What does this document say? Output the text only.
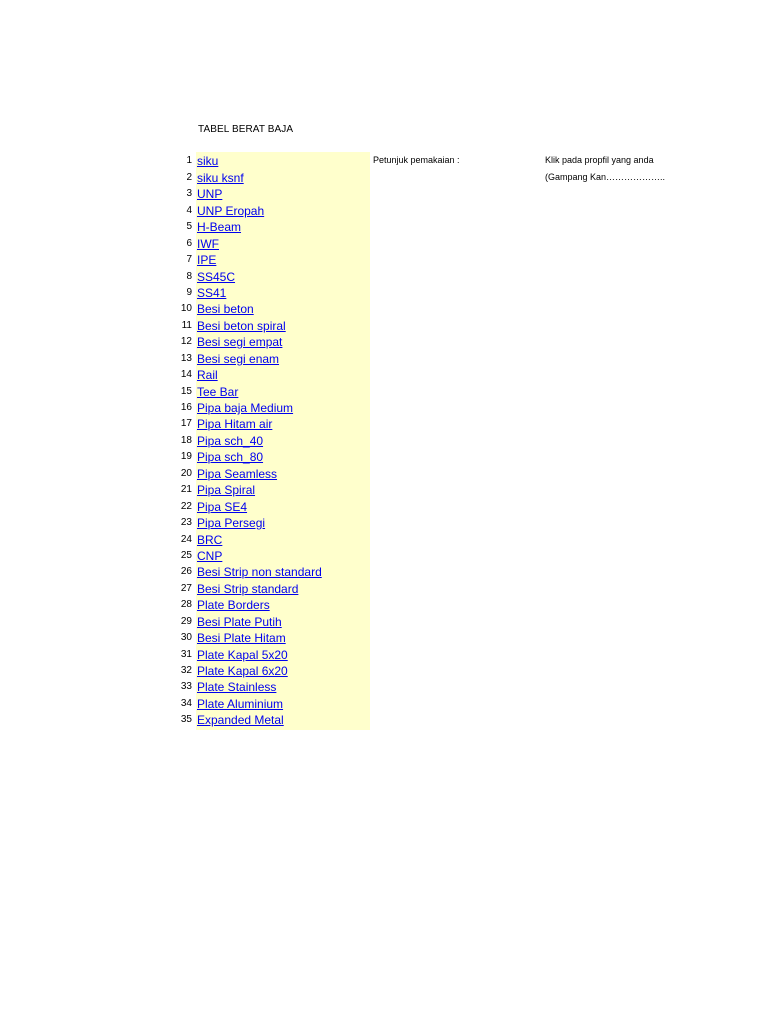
TABEL BERAT BAJA
1 siku
2 siku ksnf
3 UNP
4 UNP Eropah
5 H-Beam
6 IWF
7 IPE
8 SS45C
9 SS41
10 Besi beton
11 Besi beton spiral
12 Besi segi empat
13 Besi segi enam
14 Rail
15 Tee Bar
16 Pipa baja Medium
17 Pipa Hitam air
18 Pipa sch_40
19 Pipa sch_80
20 Pipa Seamless
21 Pipa Spiral
22 Pipa SE4
23 Pipa Persegi
24 BRC
25 CNP
26 Besi Strip non standard
27 Besi Strip standard
28 Plate Borders
29 Besi Plate Putih
30 Besi Plate Hitam
31 Plate Kapal 5x20
32 Plate Kapal 6x20
33 Plate Stainless
34 Plate Aluminium
35 Expanded Metal
Petunjuk pemakaian :	Klik pada propfil yang anda
(Gampang Kan………………..
